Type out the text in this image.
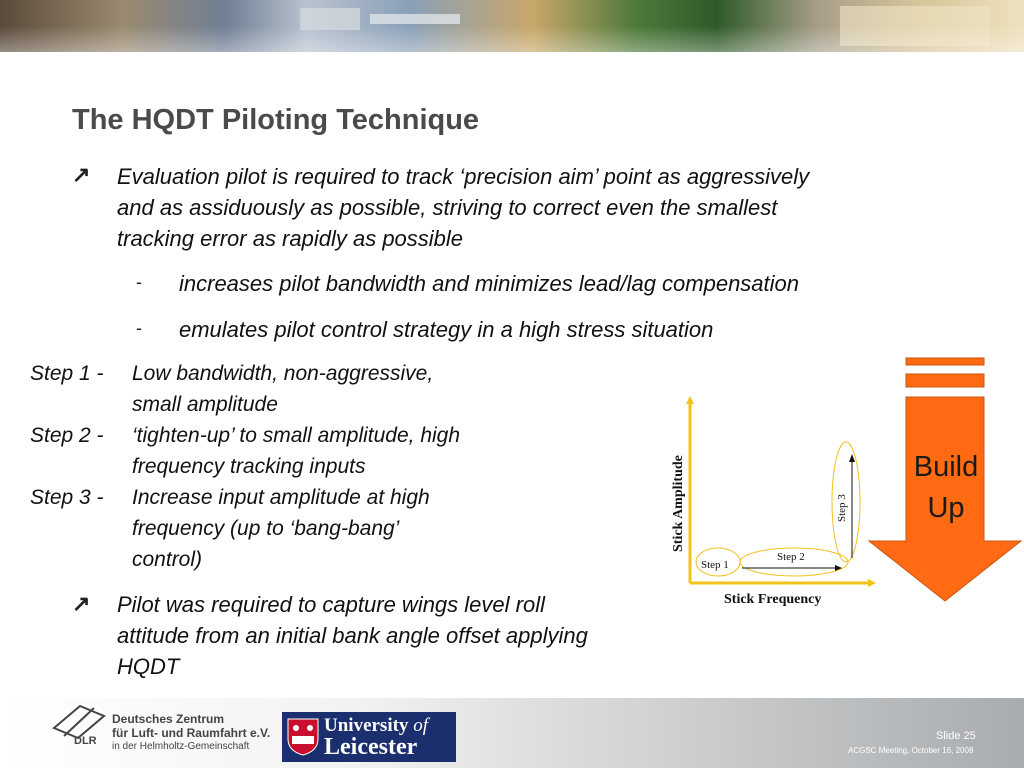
The HQDT Piloting Technique
↗ Evaluation pilot is required to track ‘precision aim’ point as aggressively
and as assiduously as possible, striving to correct even the smallest
tracking error as rapidly as possible
- increases pilot bandwidth and minimizes lead/lag compensation
- emulates pilot control strategy in a high stress situation
Step 1 - Low bandwidth, non-aggressive,
small amplitude
Step 2 - ‘tighten-up’ to small amplitude, high
frequency tracking inputs
Step 3 - Increase input amplitude at high
frequency (up to ‘bang-bang’
control)
↗ Pilot was required to capture wings level roll
attitude from an initial bank angle offset applying
HQDT
Step 1
Step 2
Step 3
Stick Frequency
Stick Amplitude	Build
Up
DLR
Deutsches Zentrum
für Luft- und Raumfahrt e.V.
in der Helmholtz-Gemeinschaft
University of
Leicester	Slide 25
ACGSC Meeting, October 16, 2008
